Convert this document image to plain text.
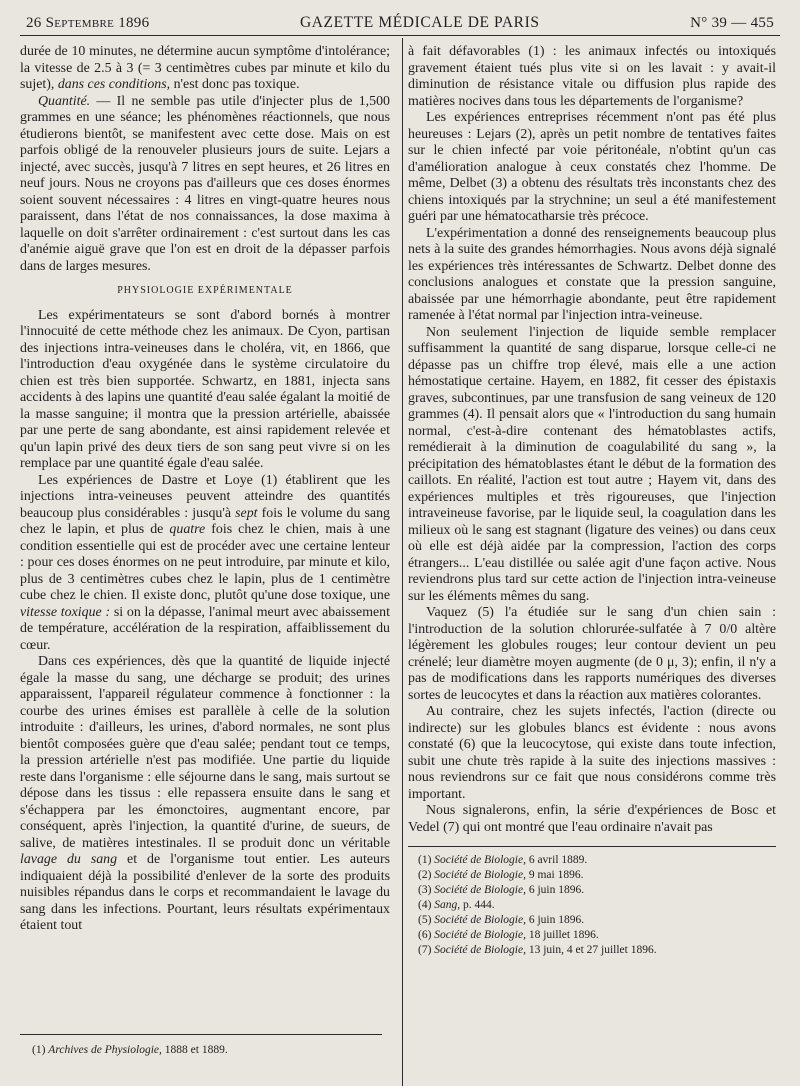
26 Septembre 1896	GAZETTE MÉDICALE DE PARIS	N° 39 — 455

durée de 10 minutes, ne détermine aucun symptôme d'intolérance; la vitesse de 2.5 à 3 (= 3 centimètres cubes par minute et kilo du sujet), dans ces conditions, n'est donc pas toxique.

Quantité. — Il ne semble pas utile d'injecter plus de 1,500 grammes en une séance; les phénomènes réactionnels, que nous étudierons bientôt, se manifestent avec cette dose. Mais on est parfois obligé de la renouveler plusieurs jours de suite. Lejars a injecté, avec succès, jusqu'à 7 litres en sept heures, et 26 litres en neuf jours. Nous ne croyons pas d'ailleurs que ces doses énormes soient souvent nécessaires : 4 litres en vingt-quatre heures nous paraissent, dans l'état de nos connaissances, la dose maxima à laquelle on doit s'arrêter ordinairement : c'est surtout dans les cas d'anémie aiguë grave que l'on est en droit de la dépasser parfois dans de larges mesures.

PHYSIOLOGIE EXPÉRIMENTALE

Les expérimentateurs se sont d'abord bornés à montrer l'innocuité de cette méthode chez les animaux. De Cyon, partisan des injections intra-veineuses dans le choléra, vit, en 1866, que l'introduction d'eau oxygénée dans le système circulatoire du chien est très bien supportée. Schwartz, en 1881, injecta sans accidents à des lapins une quantité d'eau salée égalant la moitié de la masse sanguine; il montra que la pression artérielle, abaissée par une perte de sang abondante, est ainsi rapidement relevée et qu'un lapin privé des deux tiers de son sang peut vivre si on les remplace par une quantité égale d'eau salée.

Les expériences de Dastre et Loye (1) établirent que les injections intra-veineuses peuvent atteindre des quantités beaucoup plus considérables : jusqu'à sept fois le volume du sang chez le lapin, et plus de quatre fois chez le chien, mais à une condition essentielle qui est de procéder avec une certaine lenteur : pour ces doses énormes on ne peut introduire, par minute et kilo, plus de 3 centimètres cubes chez le lapin, plus de 1 centimètre cube chez le chien. Il existe donc, plutôt qu'une dose toxique, une vitesse toxique : si on la dépasse, l'animal meurt avec abaissement de température, accélération de la respiration, affaiblissement du cœur.

Dans ces expériences, dès que la quantité de liquide injecté égale la masse du sang, une décharge se produit; des urines apparaissent, l'appareil régulateur commence à fonctionner : la courbe des urines émises est parallèle à celle de la solution introduite : d'ailleurs, les urines, d'abord normales, ne sont plus bientôt composées guère que d'eau salée; pendant tout ce temps, la pression artérielle n'est pas modifiée. Une partie du liquide reste dans l'organisme : elle séjourne dans le sang, mais surtout se dépose dans les tissus : elle repassera ensuite dans le sang et s'échappera par les émonctoires, augmentant encore, par conséquent, après l'injection, la quantité d'urine, de sueurs, de salive, de matières intestinales. Il se produit donc un véritable lavage du sang et de l'organisme tout entier. Les auteurs indiquaient déjà la possibilité d'enlever de la sorte des produits nuisibles répandus dans le corps et recommandaient le lavage du sang dans les infections. Pourtant, leurs résultats expérimentaux étaient tout

à fait défavorables (1) : les animaux infectés ou intoxiqués gravement étaient tués plus vite si on les lavait : y avait-il diminution de résistance vitale ou diffusion plus rapide des matières nocives dans tous les départements de l'organisme?

Les expériences entreprises récemment n'ont pas été plus heureuses : Lejars (2), après un petit nombre de tentatives faites sur le chien infecté par voie péritonéale, n'obtint qu'un cas d'amélioration analogue à ceux constatés chez l'homme. De même, Delbet (3) a obtenu des résultats très inconstants chez des chiens intoxiqués par la strychnine; un seul a été manifestement guéri par une hématocatharsie très précoce.

L'expérimentation a donné des renseignements beaucoup plus nets à la suite des grandes hémorrhagies. Nous avons déjà signalé les expériences très intéressantes de Schwartz. Delbet donne des conclusions analogues et constate que la pression sanguine, abaissée par une hémorrhagie abondante, peut être rapidement ramenée à l'état normal par l'injection intra-veineuse.

Non seulement l'injection de liquide semble remplacer suffisamment la quantité de sang disparue, lorsque celle-ci ne dépasse pas un chiffre trop élevé, mais elle a une action hémostatique certaine. Hayem, en 1882, fit cesser des épistaxis graves, subcontinues, par une transfusion de sang veineux de 120 grammes (4). Il pensait alors que « l'introduction du sang humain normal, c'est-à-dire contenant des hématoblastes actifs, remédierait à la diminution de coagulabilité du sang », la précipitation des hématoblastes étant le début de la formation des caillots. En réalité, l'action est tout autre ; Hayem vit, dans des expériences multiples et très rigoureuses, que l'injection intraveineuse favorise, par le liquide seul, la coagulation dans les milieux où le sang est stagnant (ligature des veines) ou dans ceux où elle est déjà aidée par la compression, l'action des corps étrangers... L'eau distillée ou salée agit d'une façon active. Nous reviendrons plus tard sur cette action de l'injection intra-veineuse sur les éléments mêmes du sang.

Vaquez (5) l'a étudiée sur le sang d'un chien sain : l'introduction de la solution chlorurée-sulfatée à 7 0/0 altère légèrement les globules rouges; leur contour devient un peu crénelé; leur diamètre moyen augmente (de 0 μ, 3); enfin, il n'y a pas de modifications dans les rapports numériques des diverses sortes de leucocytes et dans la réaction aux matières colorantes.

Au contraire, chez les sujets infectés, l'action (directe ou indirecte) sur les globules blancs est évidente : nous avons constaté (6) que la leucocytose, qui existe dans toute infection, subit une chute très rapide à la suite des injections massives : nous reviendrons sur ce fait que nous considérons comme très important.

Nous signalerons, enfin, la série d'expériences de Bosc et Vedel (7) qui ont montré que l'eau ordinaire n'avait pas

(1) Société de Biologie, 6 avril 1889.
(2) Société de Biologie, 9 mai 1896.
(3) Société de Biologie, 6 juin 1896.
(4) Sang, p. 444.
(5) Société de Biologie, 6 juin 1896.
(6) Société de Biologie, 18 juillet 1896.
(7) Société de Biologie, 13 juin, 4 et 27 juillet 1896.
(1) Archives de Physiologie, 1888 et 1889.
